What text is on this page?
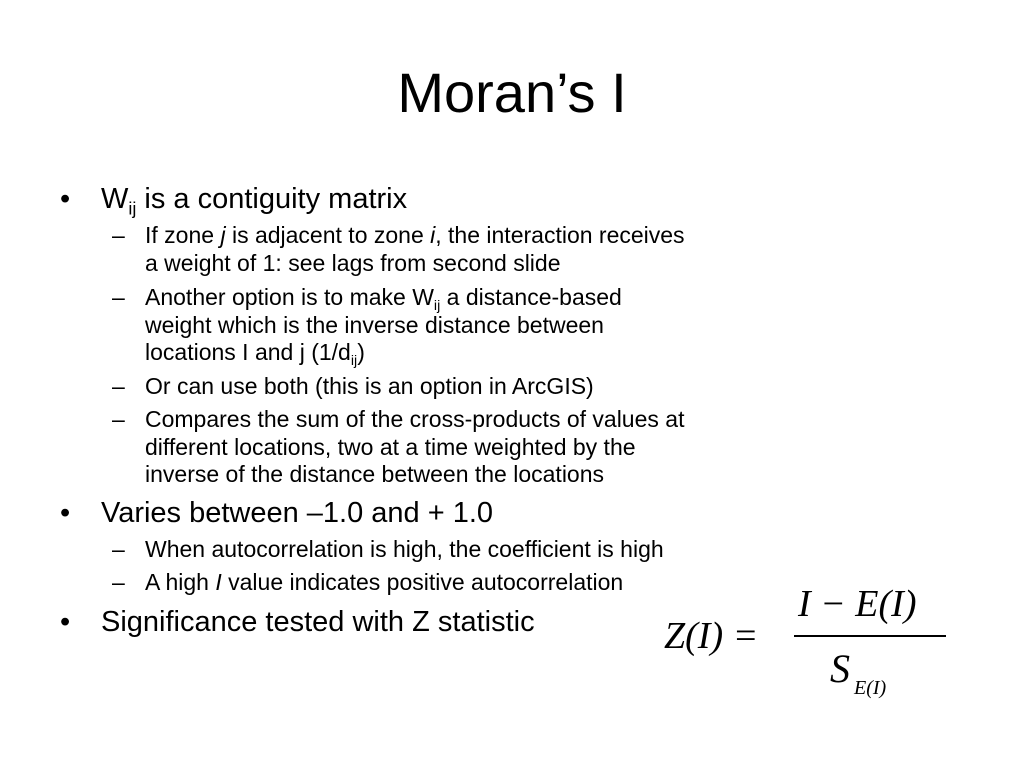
Moran’s I
• $W_{ij}$ is a contiguity matrix
– If zone j is adjacent to zone i, the interaction receives
a weight of 1: see lags from second slide
– Another option is to make $W_{ij}$ a distance-based
weight which is the inverse distance between
locations I and j $(1/d_{ij})$
– Or can use both (this is an option in ArcGIS)
– Compares the sum of the cross-products of values at
different locations, two at a time weighted by the
inverse of the distance between the locations
• Varies between –1.0 and + 1.0
– When autocorrelation is high, the coefficient is high
– A high I value indicates positive autocorrelation
• Significance tested with Z statistic	Z(I) =
I − E(I)
S E(I)
